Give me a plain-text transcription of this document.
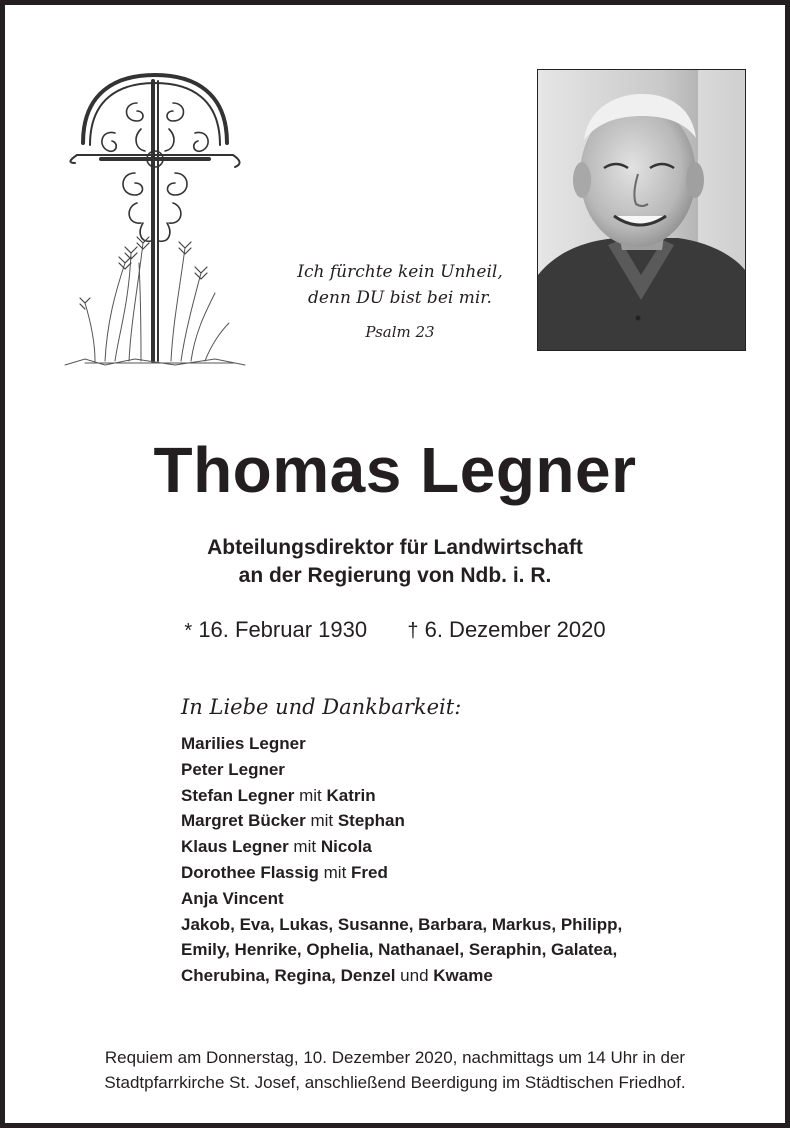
Ich fürchte kein Unheil,
denn DU bist bei mir.
Psalm 23
Thomas Legner
Abteilungsdirektor für Landwirtschaft
an der Regierung von Ndb. i. R.
* 16. Februar 1930 † 6. Dezember 2020
In Liebe und Dankbarkeit:
Marilies Legner
Peter Legner
Stefan Legner mit Katrin
Margret Bücker mit Stephan
Klaus Legner mit Nicola
Dorothee Flassig mit Fred
Anja Vincent
Jakob, Eva, Lukas, Susanne, Barbara, Markus, Philipp,
Emily, Henrike, Ophelia, Nathanael, Seraphin, Galatea,
Cherubina, Regina, Denzel und Kwame
Requiem am Donnerstag, 10. Dezember 2020, nachmittags um 14 Uhr in der
Stadtpfarrkirche St. Josef, anschließend Beerdigung im Städtischen Friedhof.
